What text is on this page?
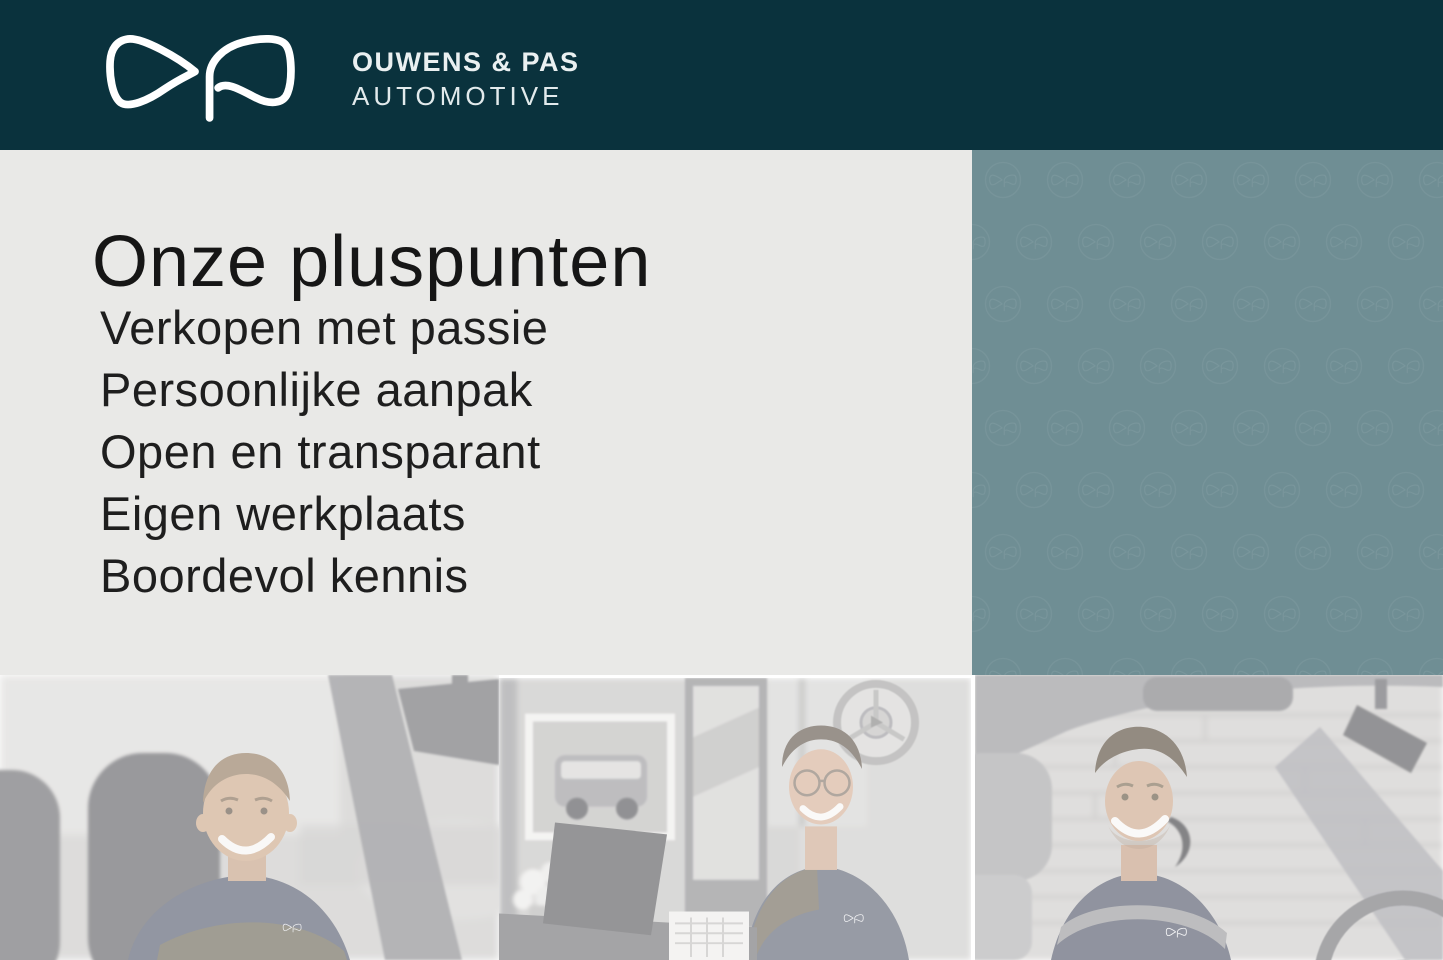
OUWENS & PAS
AUTOMOTIVE
Onze pluspunten
Verkopen met passie
Persoonlijke aanpak
Open en transparant
Eigen werkplaats
Boordevol kennis
